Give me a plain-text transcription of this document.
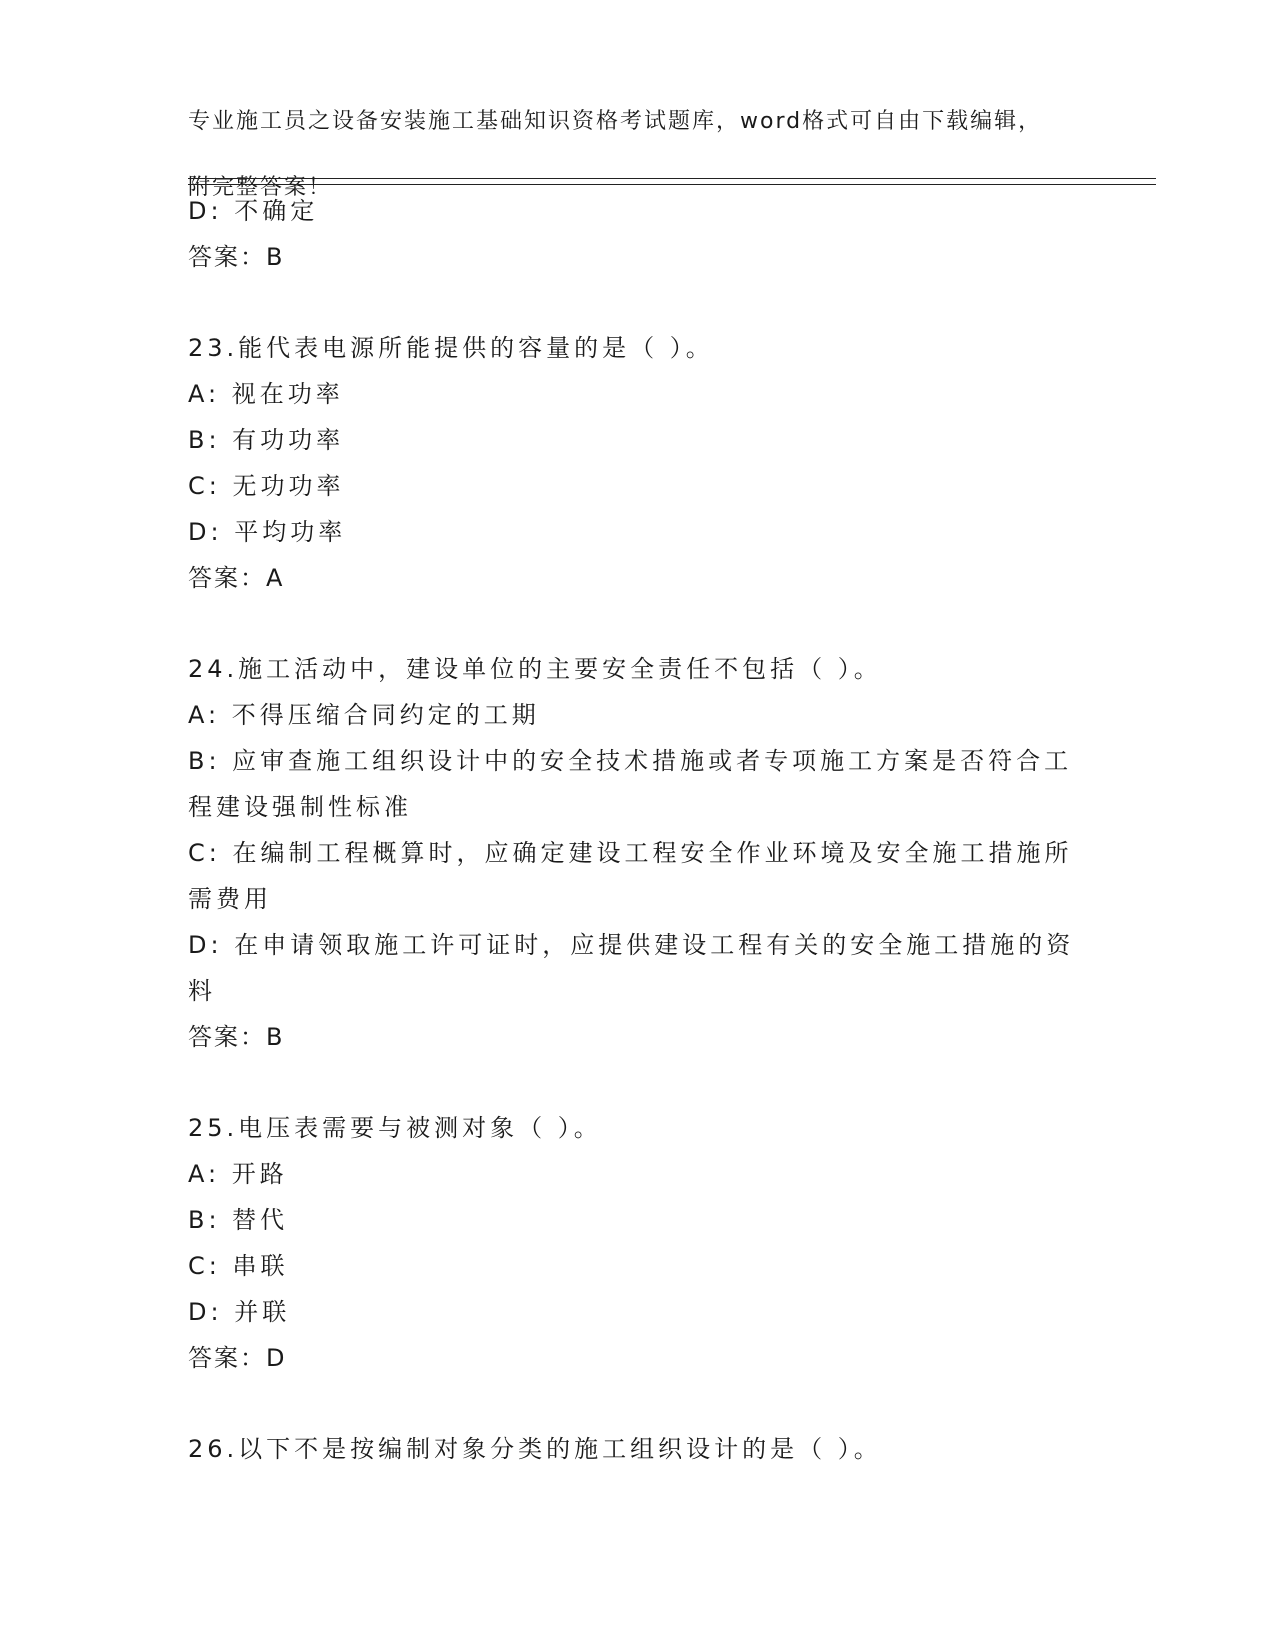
专业施工员之设备安装施工基础知识资格考试题库，word格式可自由下载编辑，

附完整答案！

D: 不确定
答案：B
23.能代表电源所能提供的容量的是（ ）。
A: 视在功率
B: 有功功率
C: 无功功率
D: 平均功率
答案：A
24.施工活动中，建设单位的主要安全责任不包括（ ）。
A: 不得压缩合同约定的工期
B: 应审查施工组织设计中的安全技术措施或者专项施工方案是否符合工程建设强制性标准
C: 在编制工程概算时，应确定建设工程安全作业环境及安全施工措施所需费用
D: 在申请领取施工许可证时，应提供建设工程有关的安全施工措施的资料
答案：B
25.电压表需要与被测对象（ ）。
A: 开路
B: 替代
C: 串联
D: 并联
答案：D
26.以下不是按编制对象分类的施工组织设计的是（ ）。
